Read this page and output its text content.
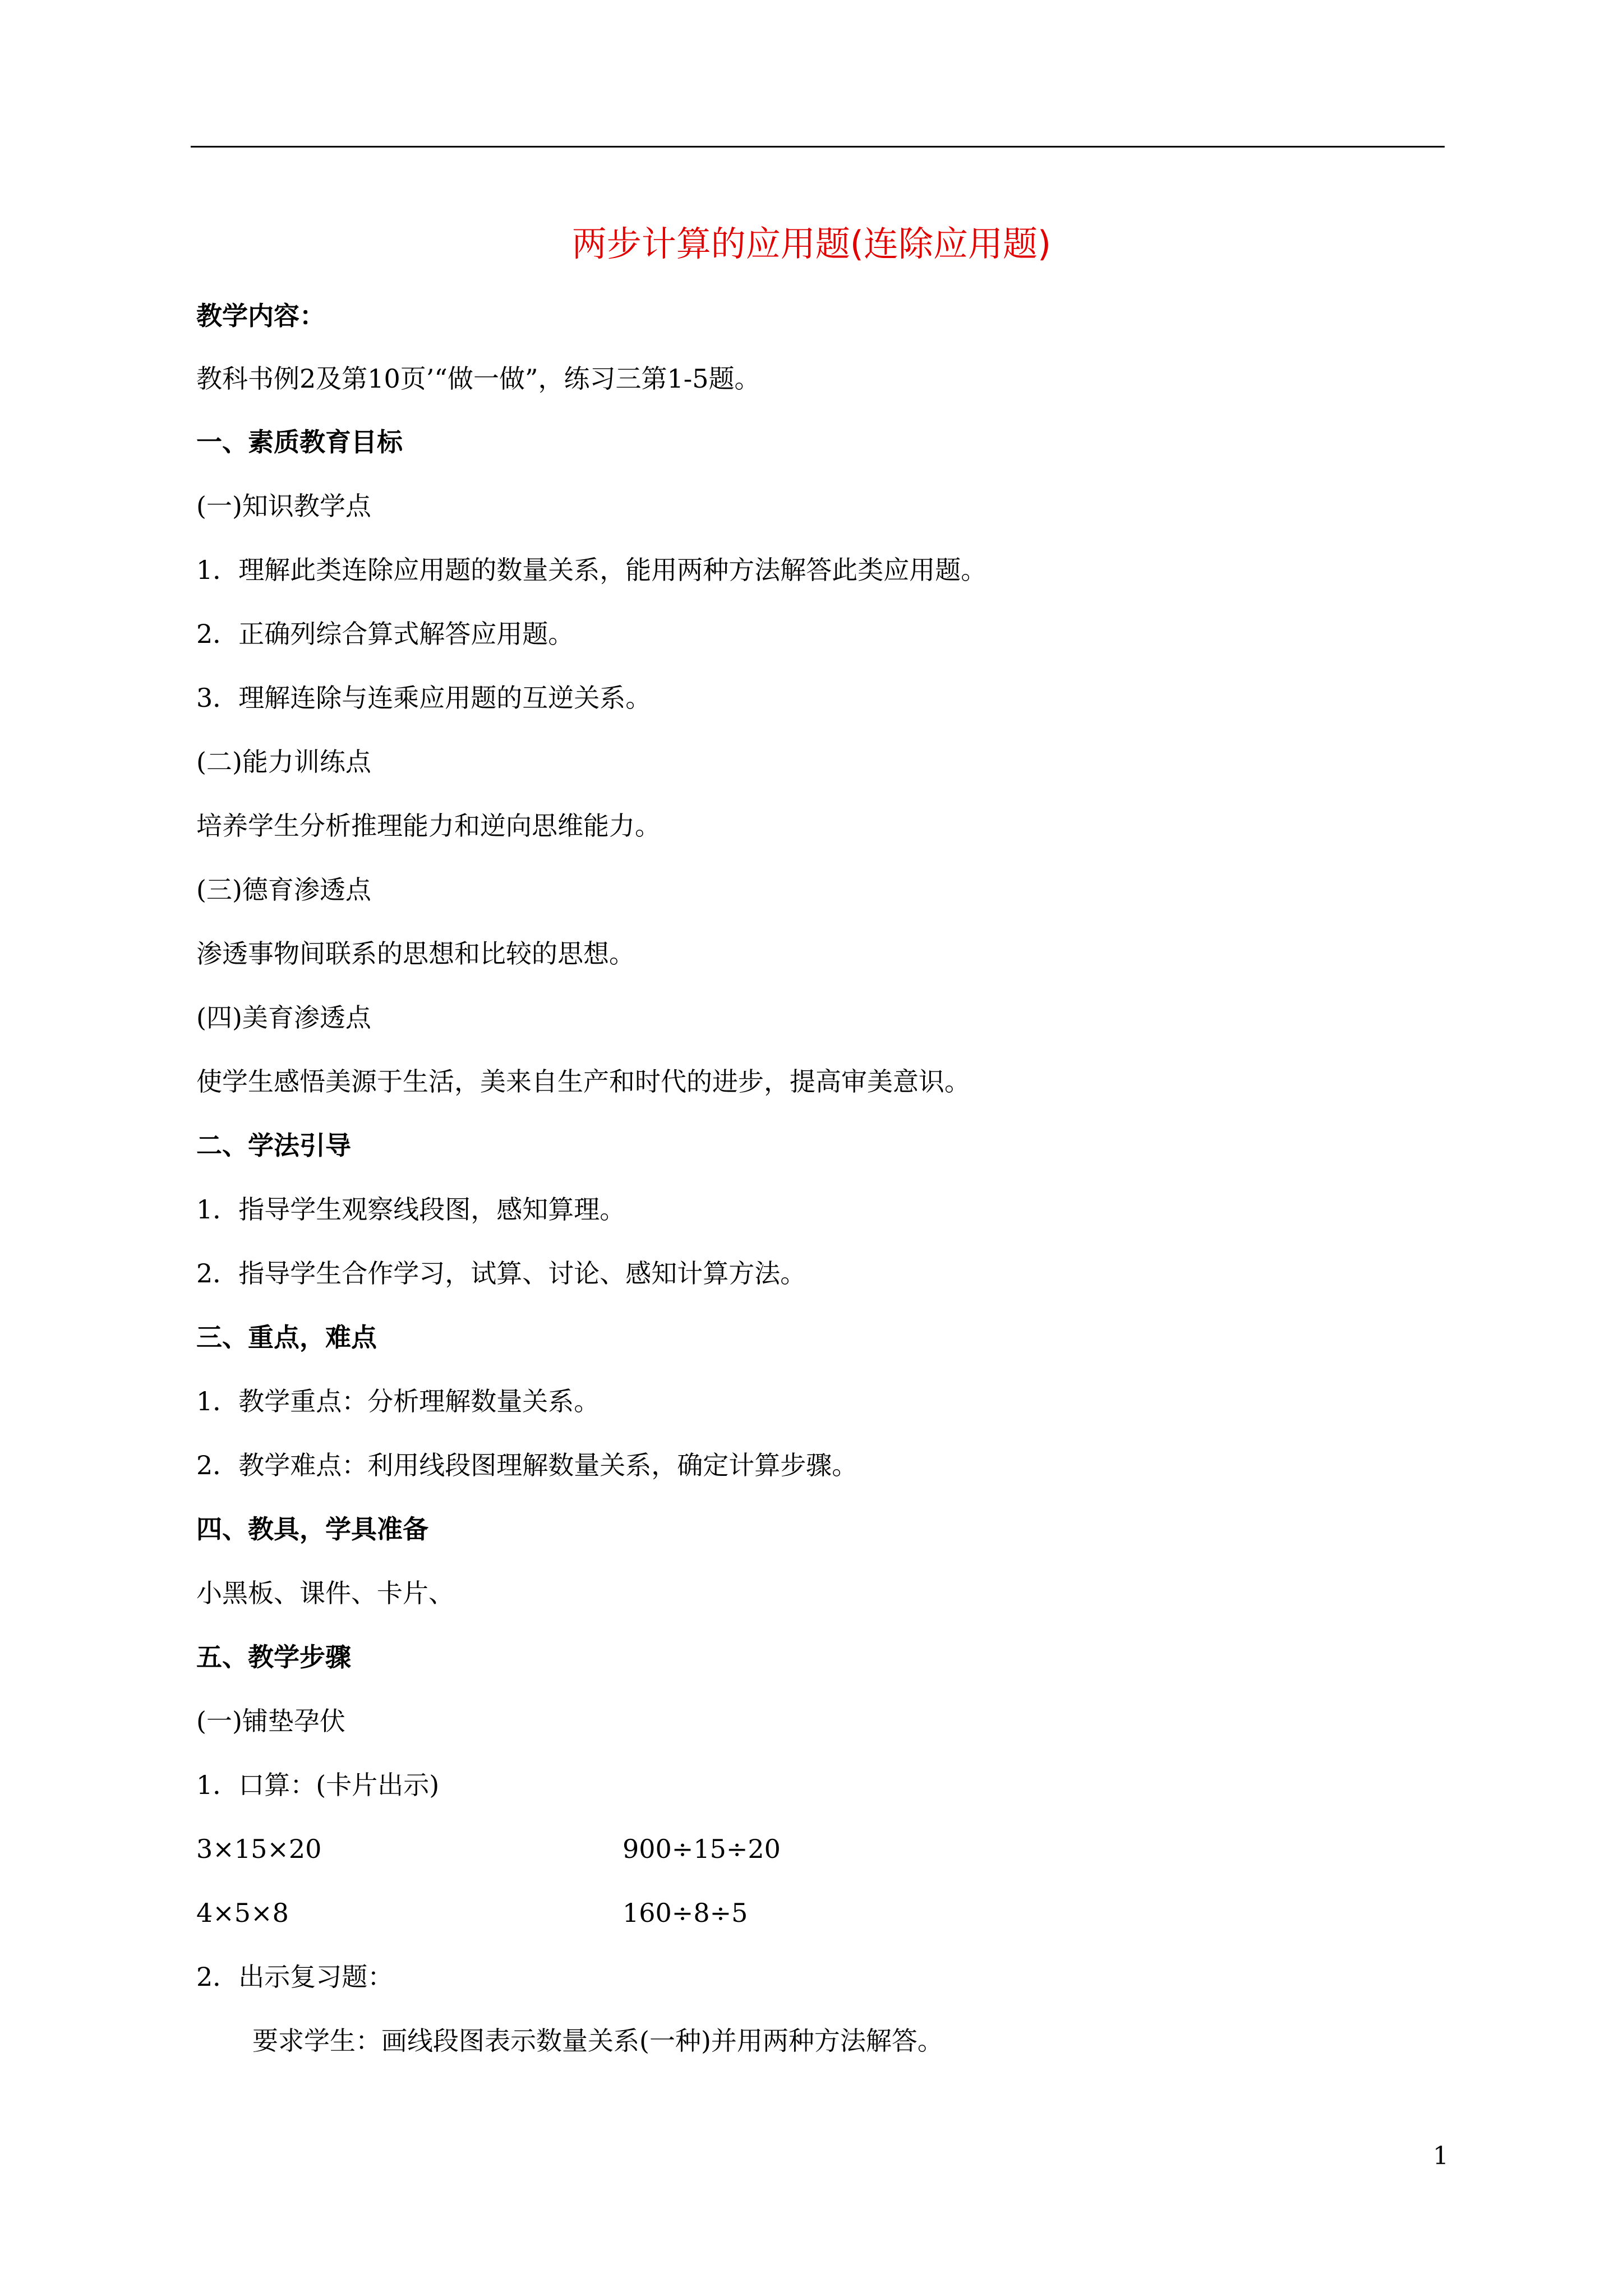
两步计算的应用题(连除应用题)
教学内容：
教科书例2及第10页’“做一做”，练习三第1-5题。
一、素质教育目标
(一)知识教学点
1．理解此类连除应用题的数量关系，能用两种方法解答此类应用题。
2．正确列综合算式解答应用题。
3．理解连除与连乘应用题的互逆关系。
(二)能力训练点
培养学生分析推理能力和逆向思维能力。
(三)德育渗透点
渗透事物间联系的思想和比较的思想。
(四)美育渗透点
使学生感悟美源于生活，美来自生产和时代的进步，提高审美意识。
二、学法引导
1．指导学生观察线段图，感知算理。
2．指导学生合作学习，试算、讨论、感知计算方法。
三、重点，难点
1．教学重点：分析理解数量关系。
2．教学难点：利用线段图理解数量关系，确定计算步骤。
四、教具，学具准备
小黑板、课件、卡片、
五、教学步骤
(一)铺垫孕伏
1．口算：(卡片出示)
3×15×20	900÷15÷20
4×5×8	160÷8÷5
2．出示复习题：
要求学生：画线段图表示数量关系(一种)并用两种方法解答。
1
